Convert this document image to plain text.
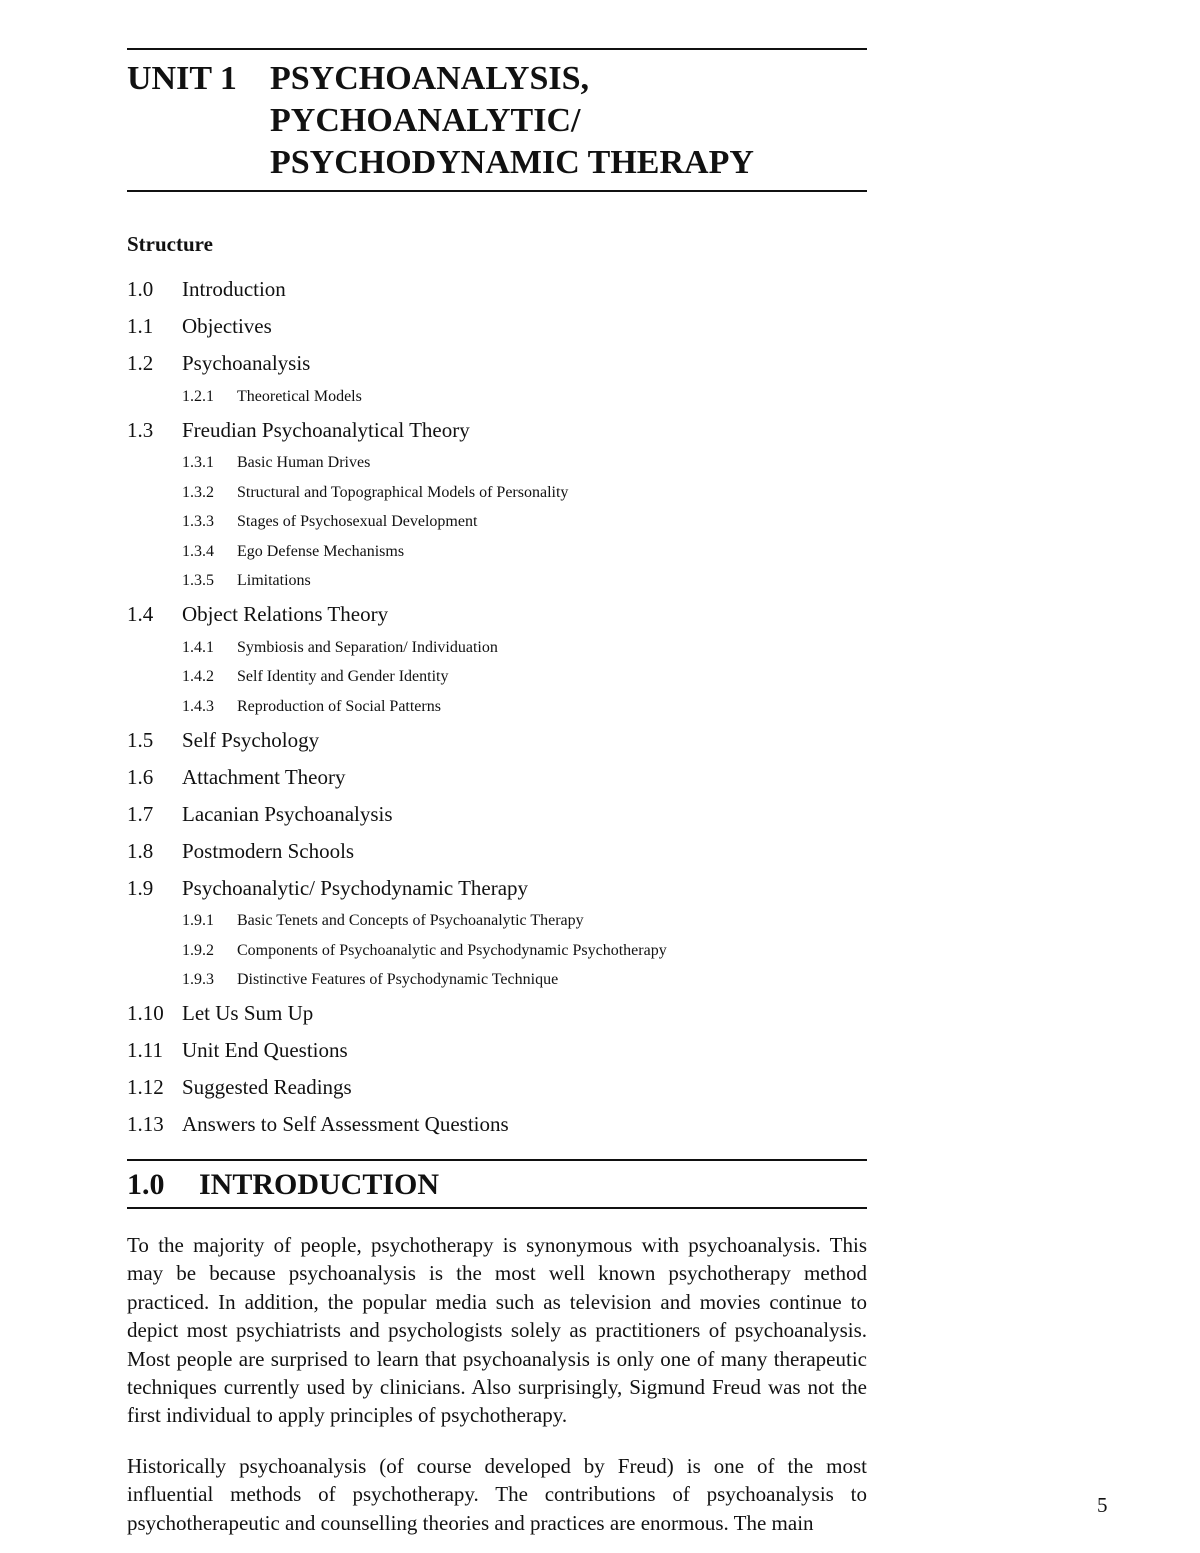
UNIT 1 PSYCHOANALYSIS,
PYCHOANALYTIC/
PSYCHODYNAMIC THERAPY
Structure
1.0	Introduction
1.1	Objectives
1.2	Psychoanalysis
1.2.1	Theoretical Models
1.3	Freudian Psychoanalytical Theory
1.3.1	Basic Human Drives
1.3.2	Structural and Topographical Models of Personality
1.3.3	Stages of Psychosexual Development
1.3.4	Ego Defense Mechanisms
1.3.5	Limitations
1.4	Object Relations Theory
1.4.1	Symbiosis and Separation/ Individuation
1.4.2	Self Identity and Gender Identity
1.4.3	Reproduction of Social Patterns
1.5	Self Psychology
1.6	Attachment Theory
1.7	Lacanian Psychoanalysis
1.8	Postmodern Schools
1.9	Psychoanalytic/ Psychodynamic Therapy
1.9.1	Basic Tenets and Concepts of Psychoanalytic Therapy
1.9.2	Components of Psychoanalytic and Psychodynamic Psychotherapy
1.9.3	Distinctive Features of Psychodynamic Technique
1.10 Let Us Sum Up
1.11 Unit End Questions
1.12 Suggested Readings
1.13 Answers to Self Assessment Questions
1.0	INTRODUCTION

To the majority of people, psychotherapy is synonymous with psychoanalysis. This may be because psychoanalysis is the most well known psychotherapy method practiced. In addition, the popular media such as television and movies continue to depict most psychiatrists and psychologists solely as practitioners of psychoanalysis. Most people are surprised to learn that psychoanalysis is only one of many therapeutic techniques currently used by clinicians. Also surprisingly, Sigmund Freud was not the first individual to apply principles of psychotherapy.

Historically psychoanalysis (of course developed by Freud) is one of the most influential methods of psychotherapy. The contributions of psychoanalysis to psychotherapeutic and counselling theories and practices are enormous. The main

5
